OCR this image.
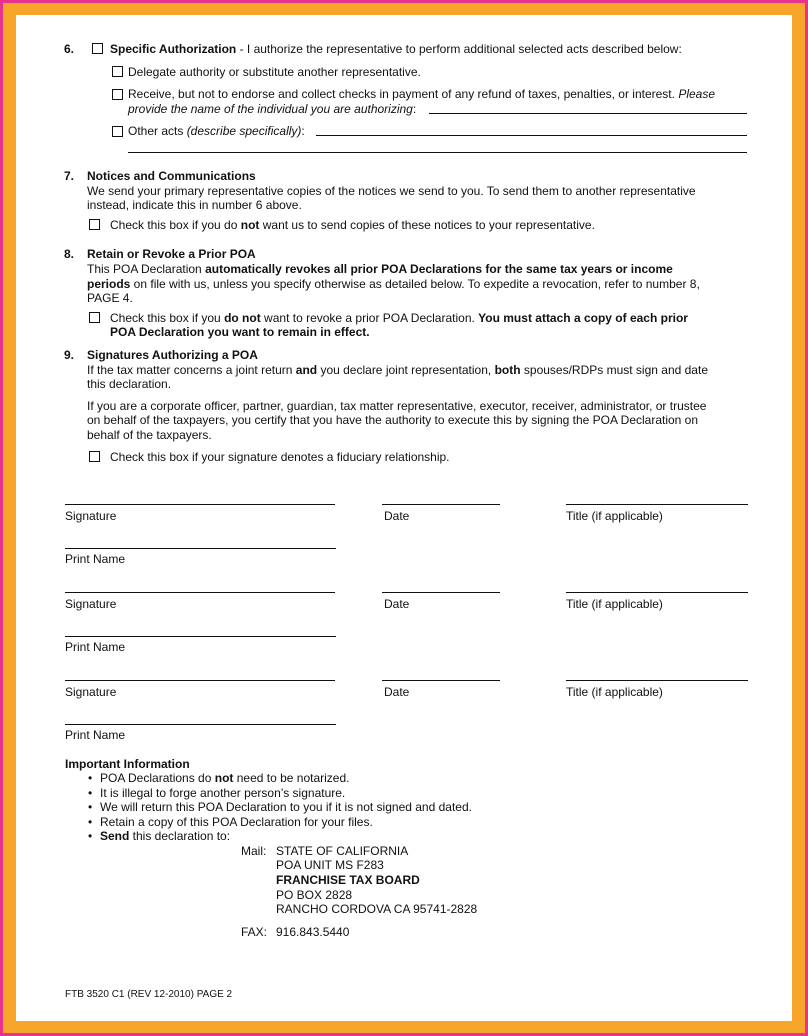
6.	Specific Authorization - I authorize the representative to perform additional selected acts described below:
Delegate authority or substitute another representative.
Receive, but not to endorse and collect checks in payment of any refund of taxes, penalties, or interest. Please
provide the name of the individual you are authorizing:
Other acts (describe specifically):
7. Notices and Communications
We send your primary representative copies of the notices we send to you. To send them to another representative
instead, indicate this in number 6 above.
Check this box if you do not want us to send copies of these notices to your representative.
8. Retain or Revoke a Prior POA
This POA Declaration automatically revokes all prior POA Declarations for the same tax years or income
periods on file with us, unless you specify otherwise as detailed below. To expedite a revocation, refer to number 8,
PAGE 4.
Check this box if you do not want to revoke a prior POA Declaration. You must attach a copy of each prior
POA Declaration you want to remain in effect.
9. Signatures Authorizing a POA
If the tax matter concerns a joint return and you declare joint representation, both spouses/RDPs must sign and date
this declaration.
If you are a corporate officer, partner, guardian, tax matter representative, executor, receiver, administrator, or trustee
on behalf of the taxpayers, you certify that you have the authority to execute this by signing the POA Declaration on
behalf of the taxpayers.
Check this box if your signature denotes a fiduciary relationship.
Signature	Date	Title (if applicable)
Print Name
Signature	Date	Title (if applicable)
Print Name
Signature	Date	Title (if applicable)
Print Name
Important Information
• POA Declarations do not need to be notarized.
• It is illegal to forge another person’s signature.
• We will return this POA Declaration to you if it is not signed and dated.
• Retain a copy of this POA Declaration for your files.
• Send this declaration to:
Mail: STATE OF CALIFORNIA
POA UNIT MS F283
FRANCHISE TAX BOARD
PO BOX 2828
RANCHO CORDOVA CA 95741-2828
FAX: 916.843.5440
FTB 3520 C1 (REV 12-2010) PAGE 2
